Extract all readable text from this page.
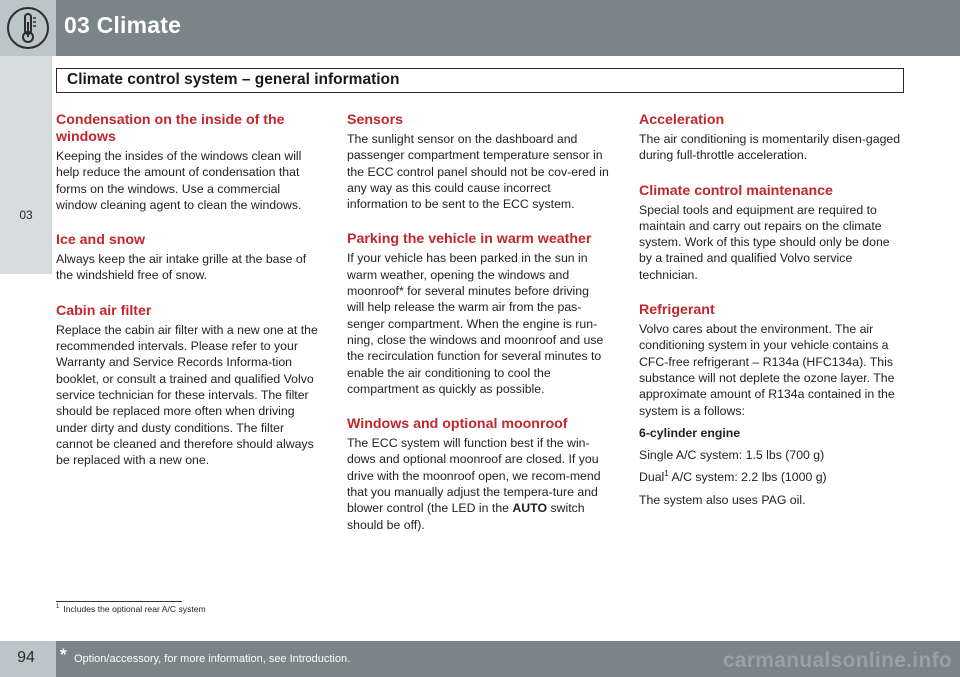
03 Climate
Climate control system – general information
03
Condensation on the inside of the windows

Keeping the insides of the windows clean will help reduce the amount of condensation that forms on the windows. Use a commercial window cleaning agent to clean the windows.

Ice and snow

Always keep the air intake grille at the base of the windshield free of snow.

Cabin air filter

Replace the cabin air filter with a new one at the recommended intervals. Please refer to your Warranty and Service Records Informa-tion booklet, or consult a trained and qualified Volvo service technician for these intervals. The filter should be replaced more often when driving under dirty and dusty conditions. The filter cannot be cleaned and therefore should always be replaced with a new one.

Sensors

The sunlight sensor on the dashboard and passenger compartment temperature sensor in the ECC control panel should not be cov-ered in any way as this could cause incorrect information to be sent to the ECC system.

Parking the vehicle in warm weather

If your vehicle has been parked in the sun in warm weather, opening the windows and moonroof* for several minutes before driving will help release the warm air from the pas-senger compartment. When the engine is run-ning, close the windows and moonroof and use the recirculation function for several minutes to enable the air conditioning to cool the compartment as quickly as possible.

Windows and optional moonroof

The ECC system will function best if the win-dows and optional moonroof are closed. If you drive with the moonroof open, we recom-mend that you manually adjust the tempera-ture and blower control (the LED in the AUTO switch should be off).

Acceleration

The air conditioning is momentarily disen-gaged during full-throttle acceleration.

Climate control maintenance

Special tools and equipment are required to maintain and carry out repairs on the climate system. Work of this type should only be done by a trained and qualified Volvo service technician.

Refrigerant

Volvo cares about the environment. The air conditioning system in your vehicle contains a CFC-free refrigerant – R134a (HFC134a). This substance will not deplete the ozone layer. The approximate amount of R134a contained in the system is a follows:

6-cylinder engine

Single A/C system: 1.5 lbs (700 g)

Dual$^1$ A/C system: 2.2 lbs (1000 g)

The system also uses PAG oil.

$^1$ Includes the optional rear A/C system
94	* Option/accessory, for more information, see Introduction.	carmanualsonline.info
